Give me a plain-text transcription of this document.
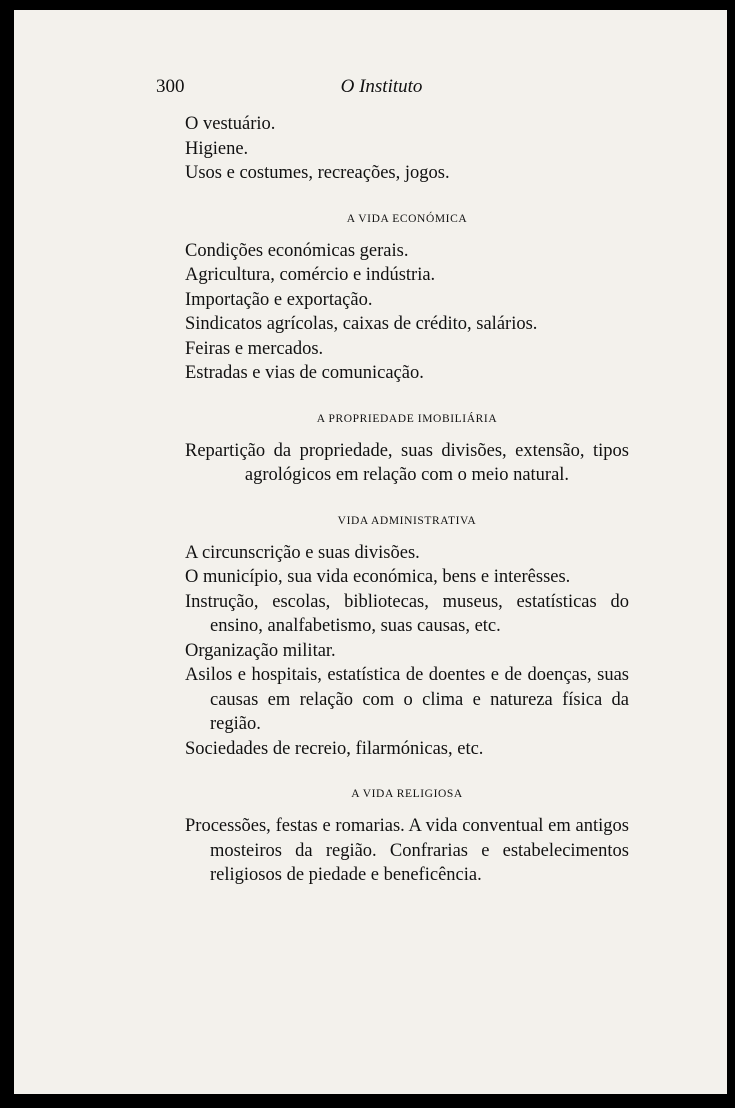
300	O Instituto

O vestuário.

Higiene.

Usos e costumes, recreações, jogos.

A VIDA ECONÓMICA

Condições económicas gerais.

Agricultura, comércio e indústria.

Importação e exportação.

Sindicatos agrícolas, caixas de crédito, salários.

Feiras e mercados.

Estradas e vias de comunicação.

A PROPRIEDADE IMOBILIÁRIA

Repartição da propriedade, suas divisões, extensão, tipos agrológicos em relação com o meio natural.

VIDA ADMINISTRATIVA

A circunscrição e suas divisões.

O município, sua vida económica, bens e interêsses.

Instrução, escolas, bibliotecas, museus, estatísticas do ensino, analfabetismo, suas causas, etc.

Organização militar.

Asilos e hospitais, estatística de doentes e de doenças, suas causas em relação com o clima e natureza física da região.

Sociedades de recreio, filarmónicas, etc.

A VIDA RELIGIOSA

Processões, festas e romarias. A vida conventual em antigos mosteiros da região. Confrarias e estabelecimentos religiosos de piedade e beneficência.
